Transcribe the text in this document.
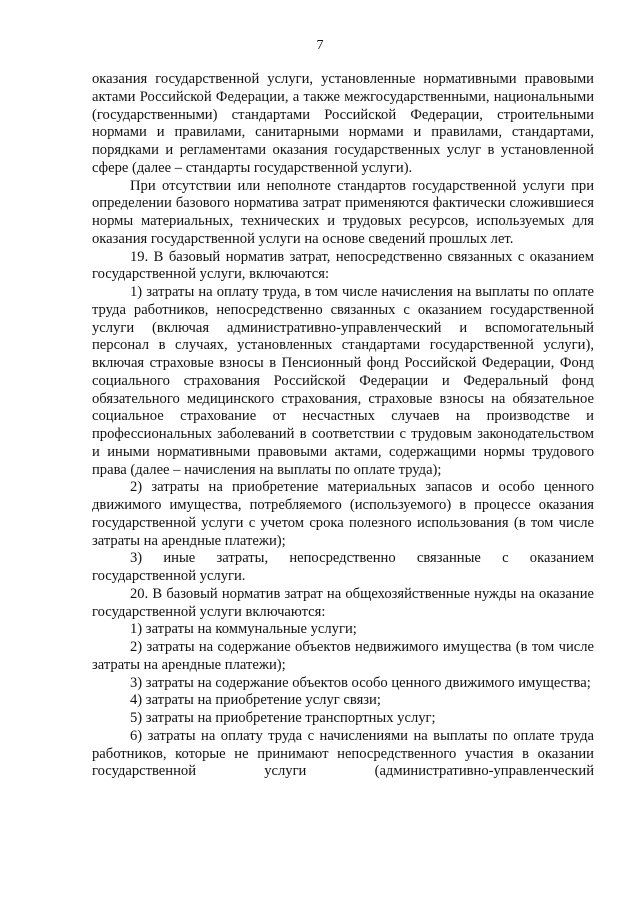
7

оказания государственной услуги, установленные нормативными правовыми актами Российской Федерации, а также межгосударственными, национальными (государственными) стандартами Российской Федерации, строительными нормами и правилами, санитарными нормами и правилами, стандартами, порядками и регламентами оказания государственных услуг в установленной сфере (далее – стандарты государственной услуги).

При отсутствии или неполноте стандартов государственной услуги при определении базового норматива затрат применяются фактически сложившиеся нормы материальных, технических и трудовых ресурсов, используемых для оказания государственной услуги на основе сведений прошлых лет.

19. В базовый норматив затрат, непосредственно связанных с оказанием государственной услуги, включаются:

1) затраты на оплату труда, в том числе начисления на выплаты по оплате труда работников, непосредственно связанных с оказанием государственной услуги (включая административно-управленческий и вспомогательный персонал в случаях, установленных стандартами государственной услуги), включая страховые взносы в Пенсионный фонд Российской Федерации, Фонд социального страхования Российской Федерации и Федеральный фонд обязательного медицинского страхования, страховые взносы на обязательное социальное страхование от несчастных случаев на производстве и профессиональных заболеваний в соответствии с трудовым законодательством и иными нормативными правовыми актами, содержащими нормы трудового права (далее – начисления на выплаты по оплате труда);

2) затраты на приобретение материальных запасов и особо ценного движимого имущества, потребляемого (используемого) в процессе оказания государственной услуги с учетом срока полезного использования (в том числе затраты на арендные платежи);

3) иные затраты, непосредственно связанные с оказанием государственной услуги.

20. В базовый норматив затрат на общехозяйственные нужды на оказание государственной услуги включаются:

1) затраты на коммунальные услуги;

2) затраты на содержание объектов недвижимого имущества (в том числе затраты на арендные платежи);

3) затраты на содержание объектов особо ценного движимого имущества;

4) затраты на приобретение услуг связи;

5) затраты на приобретение транспортных услуг;

6) затраты на оплату труда с начислениями на выплаты по оплате труда работников, которые не принимают непосредственного участия в оказании государственной услуги (административно-управленческий
